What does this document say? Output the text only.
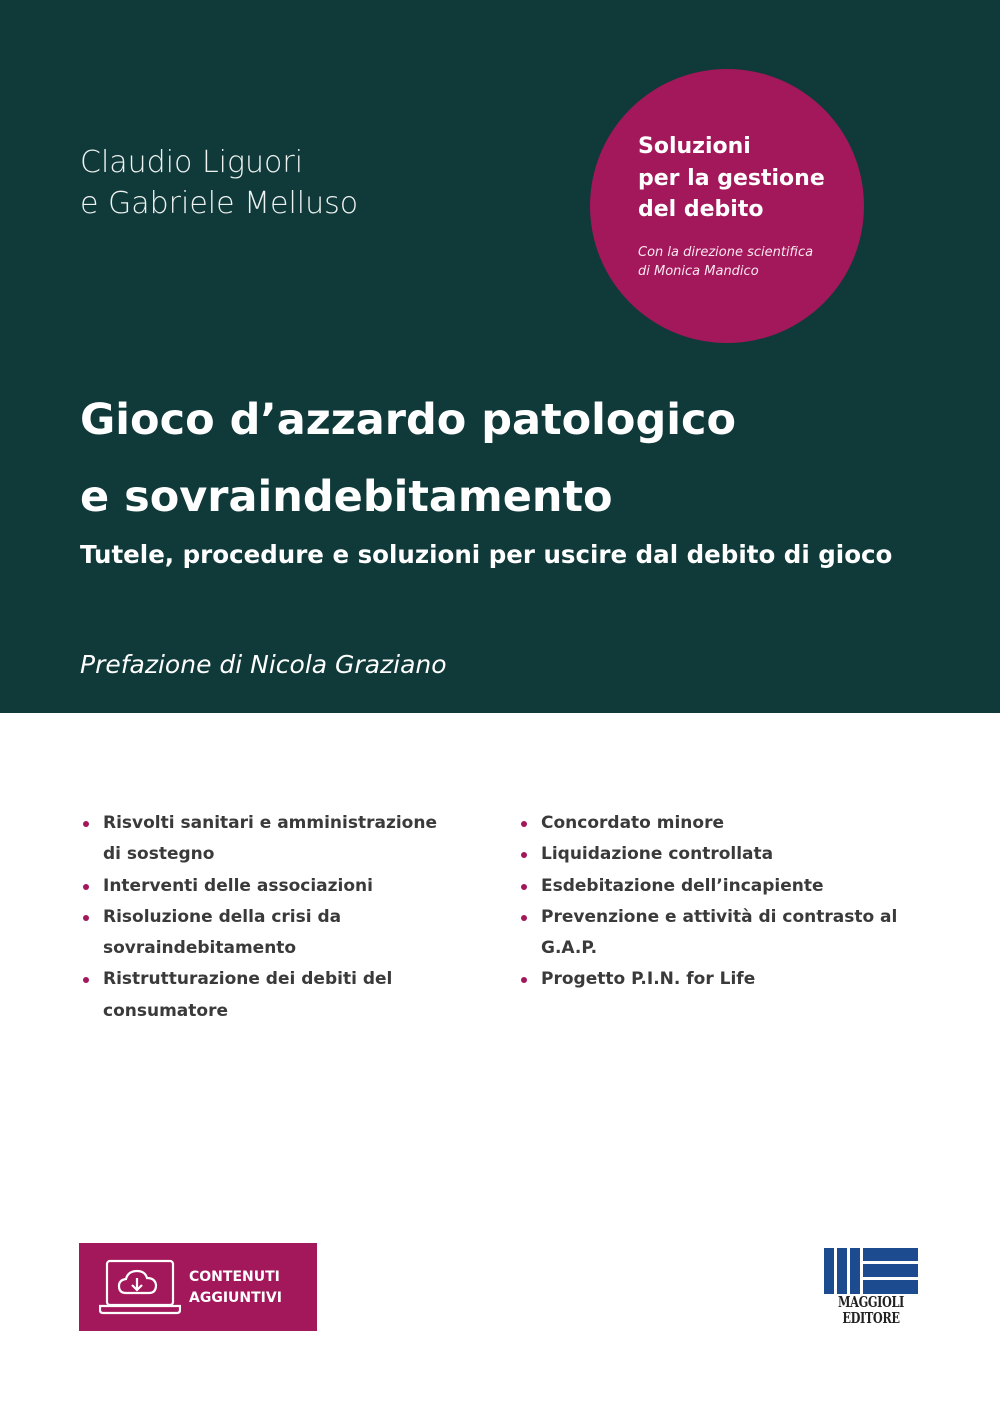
Claudio Liguori
e Gabriele Melluso
Soluzioni
per la gestione
del debito
Con la direzione scientifica
di Monica Mandico
Gioco d’azzardo patologico
e sovraindebitamento
Tutele, procedure e soluzioni per uscire dal debito di gioco
Prefazione di Nicola Graziano
Risvolti sanitari e amministrazione
di sostegno
Interventi delle associazioni
Risoluzione della crisi da sovraindebitamento
Ristrutturazione dei debiti del consumatore
Concordato minore
Liquidazione controllata
Esdebitazione dell’incapiente
Prevenzione e attività di contrasto al G.A.P.
Progetto P.I.N. for Life
CONTENUTI
AGGIUNTIVI	MAGGIOLI
EDITORE
